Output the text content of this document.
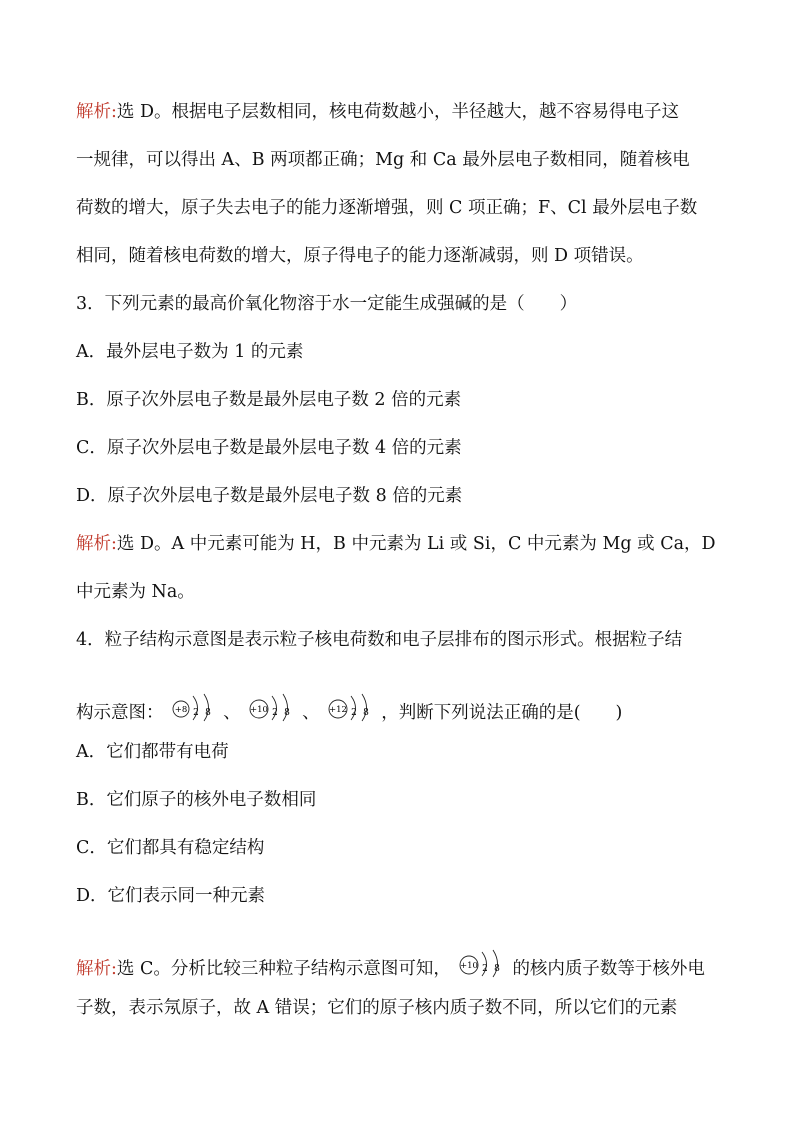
解析:选 D。根据电子层数相同，核电荷数越小，半径越大，越不容易得电子这
一规律，可以得出 A、B 两项都正确；Mg 和 Ca 最外层电子数相同，随着核电
荷数的增大，原子失去电子的能力逐渐增强，则 C 项正确；F、Cl 最外层电子数
相同，随着核电荷数的增大，原子得电子的能力逐渐减弱，则 D 项错误。
3．下列元素的最高价氧化物溶于水一定能生成强碱的是（　　）
A．最外层电子数为 1 的元素
B．原子次外层电子数是最外层电子数 2 倍的元素
C．原子次外层电子数是最外层电子数 4 倍的元素
D．原子次外层电子数是最外层电子数 8 倍的元素
解析:选 D。A 中元素可能为 H，B 中元素为 Li 或 Si，C 中元素为 Mg 或 Ca，D
中元素为 Na。
4．粒子结构示意图是表示粒子核电荷数和电子层排布的图示形式。根据粒子结
构示意图： +8 2 8 、 +10 2 8 、 +12 2 8 ，判断下列说法正确的是(　　)
A．它们都带有电荷
B．它们原子的核外电子数相同
C．它们都具有稳定结构
D．它们表示同一种元素
解析:选 C。分析比较三种粒子结构示意图可知， +10 2 8 的核内质子数等于核外电
子数，表示氖原子，故 A 错误；它们的原子核内质子数不同，所以它们的元素
